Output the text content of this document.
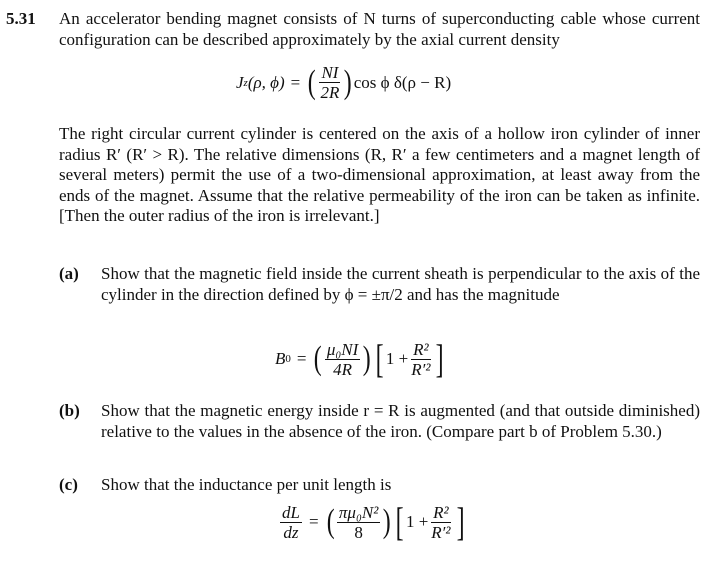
5.31 An accelerator bending magnet consists of N turns of superconducting cable whose current configuration can be described approximately by the axial current density

J z (ρ, ϕ) = ( $\frac{NI}{2R}$ ) cos ϕ δ(ρ − R)

The right circular current cylinder is centered on the axis of a hollow iron cylinder of inner radius R′ (R′ > R). The relative dimensions (R, R′ a few centimeters and a magnet length of several meters) permit the use of a two-dimensional approximation, at least away from the ends of the magnet. Assume that the relative permeability of the iron can be taken as infinite. [Then the outer radius of the iron is irrelevant.]

(a)	Show that the magnetic field inside the current sheath is perpendicular to the axis of the cylinder in the direction defined by ϕ = ±π/2 and has the magnitude

B 0 = ( $\frac{\text{μ₀NI}}{4R}$ ) [ $1 + \frac{\text{R²}}{\text{R′²}}$ ]
(b)	Show that the magnetic energy inside r = R is augmented (and that outside diminished) relative to the values in the absence of the iron. (Compare part b of Problem 5.30.)

(c)	Show that the inductance per unit length is

$\frac{dL}{dz}$ = ( $\frac{\text{πμ₀N²}}{8}$ ) [ $1 + \frac{\text{R²}}{\text{R′²}}$ ]
